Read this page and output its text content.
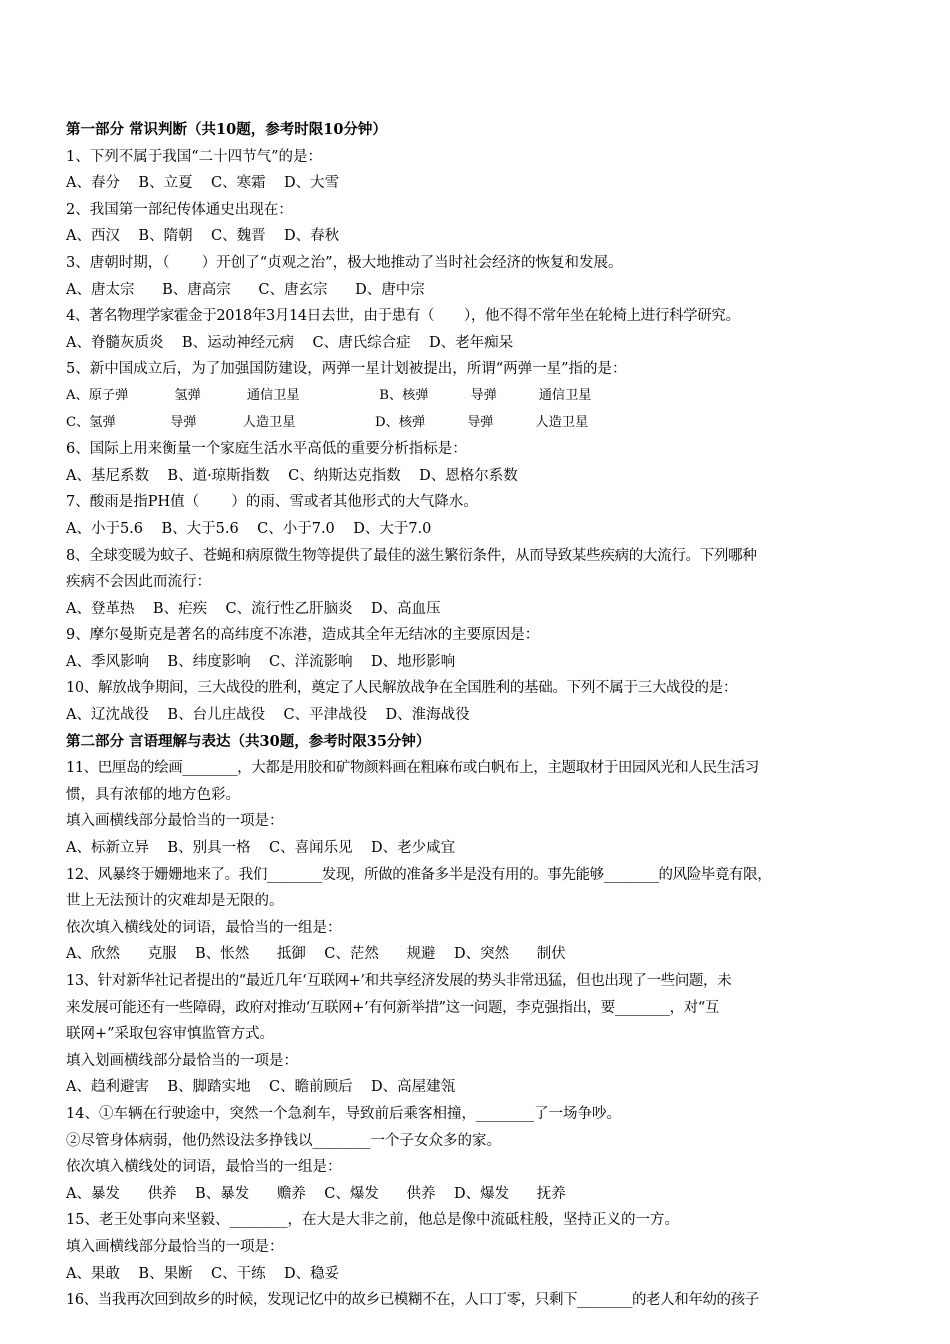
第一部分 常识判断（共10题，参考时限10分钟）
1、下列不属于我国“二十四节气”的是：
A、春分    B、立夏    C、寒霜    D、大雪
2、我国第一部纪传体通史出现在：
A、西汉    B、隋朝    C、魏晋    D、春秋
3、唐朝时期，（       ）开创了“贞观之治”，极大地推动了当时社会经济的恢复和发展。
A、唐太宗      B、唐高宗      C、唐玄宗      D、唐中宗
4、著名物理学家霍金于2018年3月14日去世，由于患有（       ），他不得不常年坐在轮椅上进行科学研究。
A、脊髓灰质炎    B、运动神经元病    C、唐氏综合症    D、老年痴呆
5、新中国成立后，为了加强国防建设，两弹一星计划被提出，所谓“两弹一星”指的是：
A、原子弹           氢弹           通信卫星                   B、核弹          导弹          通信卫星
C、氢弹             导弹           人造卫星                   D、核弹          导弹          人造卫星
6、国际上用来衡量一个家庭生活水平高低的重要分析指标是：
A、基尼系数    B、道·琼斯指数    C、纳斯达克指数    D、恩格尔系数
7、酸雨是指PH值（       ）的雨、雪或者其他形式的大气降水。
A、小于5.6    B、大于5.6    C、小于7.0    D、大于7.0
8、全球变暖为蚊子、苍蝇和病原微生物等提供了最佳的滋生繁衍条件，从而导致某些疾病的大流行。下列哪种
疾病不会因此而流行：
A、登革热    B、疟疾    C、流行性乙肝脑炎    D、高血压
9、摩尔曼斯克是著名的高纬度不冻港，造成其全年无结冰的主要原因是：
A、季风影响    B、纬度影响    C、洋流影响    D、地形影响
10、解放战争期间，三大战役的胜利，奠定了人民解放战争在全国胜利的基础。下列不属于三大战役的是：
A、辽沈战役    B、台儿庄战役    C、平津战役    D、淮海战役
第二部分 言语理解与表达（共30题，参考时限35分钟）
11、巴厘岛的绘画________，大都是用胶和矿物颜料画在粗麻布或白帆布上，主题取材于田园风光和人民生活习
惯，具有浓郁的地方色彩。
填入画横线部分最恰当的一项是：
A、标新立异    B、别具一格    C、喜闻乐见    D、老少咸宜
12、风暴终于姗姗地来了。我们________发现，所做的准备多半是没有用的。事先能够________的风险毕竟有限，
世上无法预计的灾难却是无限的。
依次填入横线处的词语，最恰当的一组是：
A、欣然      克服    B、怅然      抵御    C、茫然      规避    D、突然      制伏
13、针对新华社记者提出的“最近几年‘互联网+’和共享经济发展的势头非常迅猛，但也出现了一些问题，未
来发展可能还有一些障碍，政府对推动‘互联网+’有何新举措”这一问题，李克强指出，要________，对“互
联网+”采取包容审慎监管方式。
填入划画横线部分最恰当的一项是：
A、趋利避害    B、脚踏实地    C、瞻前顾后    D、高屋建瓴
14、①车辆在行驶途中，突然一个急刹车，导致前后乘客相撞，________了一场争吵。
②尽管身体病弱，他仍然设法多挣钱以________一个子女众多的家。
依次填入横线处的词语，最恰当的一组是：
A、暴发      供养    B、暴发      赡养    C、爆发      供养    D、爆发      抚养
15、老王处事向来坚毅、________，在大是大非之前，他总是像中流砥柱般，坚持正义的一方。
填入画横线部分最恰当的一项是：
A、果敢    B、果断    C、干练    D、稳妥
16、当我再次回到故乡的时候，发现记忆中的故乡已模糊不在，人口丁零，只剩下________的老人和年幼的孩子
